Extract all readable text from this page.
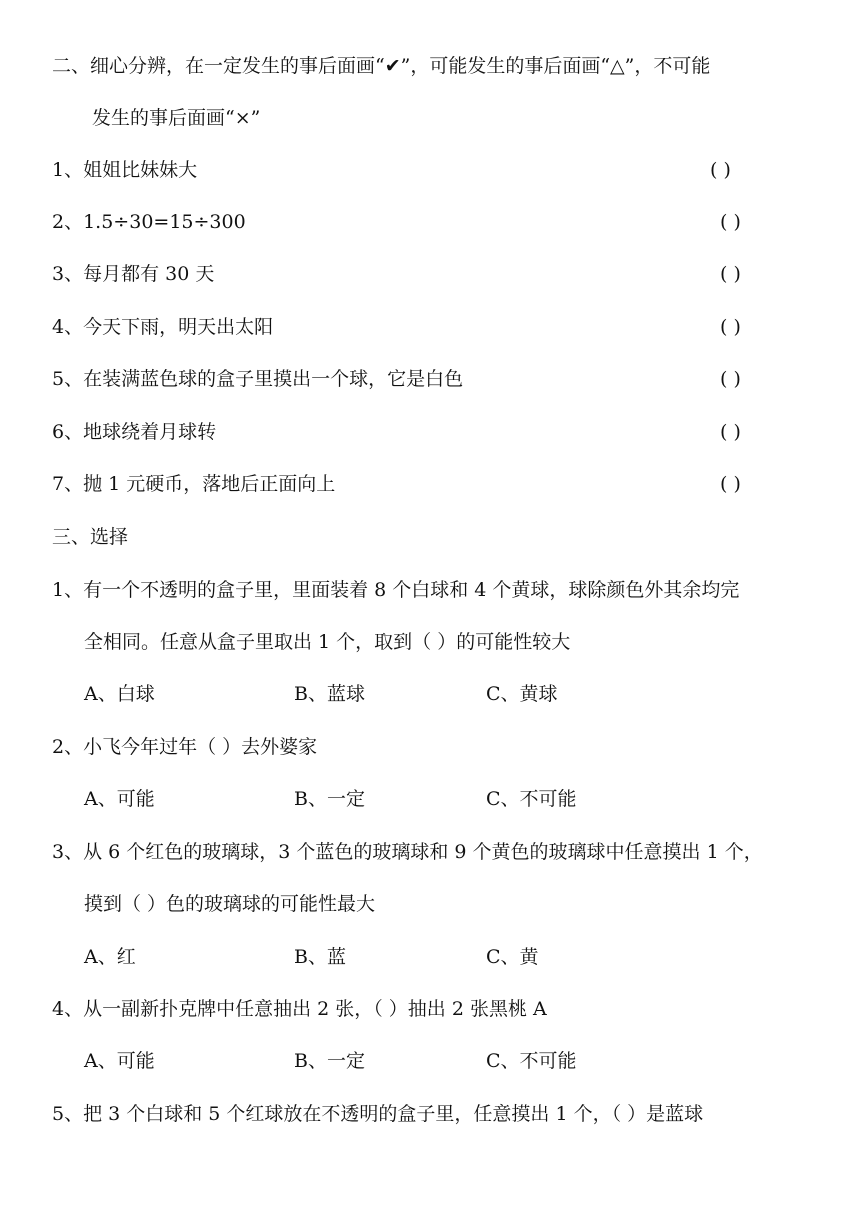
二、细心分辨，在一定发生的事后面画“✔”，可能发生的事后面画“△”，不可能
发生的事后面画“×”
1、姐姐比妹妹大	( )
2、1.5÷30=15÷300	( )
3、每月都有 30 天	( )
4、今天下雨，明天出太阳	( )
5、在装满蓝色球的盒子里摸出一个球，它是白色	( )
6、地球绕着月球转	( )
7、抛 1 元硬币，落地后正面向上	( )
三、选择
1、有一个不透明的盒子里，里面装着 8 个白球和 4 个黄球，球除颜色外其余均完
全相同。任意从盒子里取出 1 个，取到（ ）的可能性较大
A、白球	B、蓝球	C、黄球
2、小飞今年过年（ ）去外婆家
A、可能	B、一定	C、不可能
3、从 6 个红色的玻璃球，3 个蓝色的玻璃球和 9 个黄色的玻璃球中任意摸出 1 个，
摸到（ ）色的玻璃球的可能性最大
A、红	B、蓝	C、黄
4、从一副新扑克牌中任意抽出 2 张，（ ）抽出 2 张黑桃 A
A、可能	B、一定	C、不可能
5、把 3 个白球和 5 个红球放在不透明的盒子里，任意摸出 1 个，（ ）是蓝球
